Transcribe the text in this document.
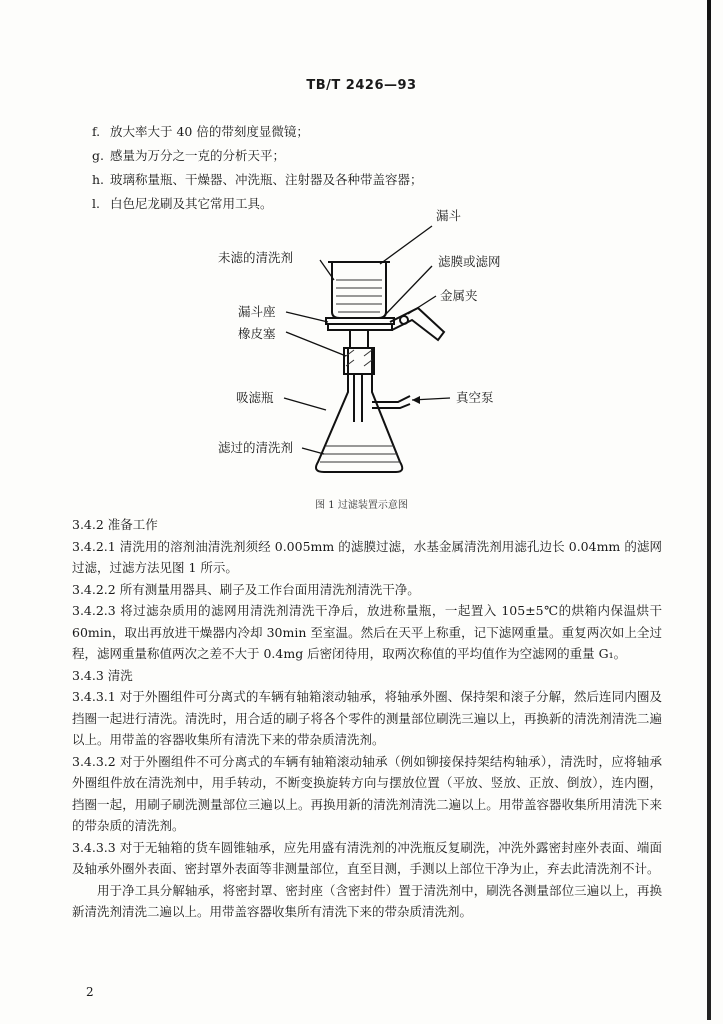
TB/T 2426—93
f. 放大率大于 40 倍的带刻度显微镜；
g. 感量为万分之一克的分析天平；
h. 玻璃称量瓶、干燥器、冲洗瓶、注射器及各种带盖容器；
l. 白色尼龙刷及其它常用工具。
漏斗
未滤的清洗剂	滤膜或滤网
金属夹
漏斗座
橡皮塞
真空泵
吸滤瓶
滤过的清洗剂
图 1 过滤装置示意图

3.4.2 准备工作

3.4.2.1 清洗用的溶剂油清洗剂须经 0.005mm 的滤膜过滤，水基金属清洗剂用滤孔边长 0.04mm 的滤网过滤，过滤方法见图 1 所示。

3.4.2.2 所有测量用器具、刷子及工作台面用清洗剂清洗干净。

3.4.2.3 将过滤杂质用的滤网用清洗剂清洗干净后，放进称量瓶，一起置入 105±5℃的烘箱内保温烘干 60min，取出再放进干燥器内冷却 30min 至室温。然后在天平上称重，记下滤网重量。重复两次如上全过程，滤网重量称值两次之差不大于 0.4mg 后密闭待用，取两次称值的平均值作为空滤网的重量 G₁。

3.4.3 清洗

3.4.3.1 对于外圈组件可分离式的车辆有轴箱滚动轴承，将轴承外圈、保持架和滚子分解，然后连同内圈及挡圈一起进行清洗。清洗时，用合适的刷子将各个零件的测量部位刷洗三遍以上，再换新的清洗剂清洗二遍以上。用带盖的容器收集所有清洗下来的带杂质清洗剂。

3.4.3.2 对于外圈组件不可分离式的车辆有轴箱滚动轴承（例如铆接保持架结构轴承），清洗时，应将轴承外圈组件放在清洗剂中，用手转动，不断变换旋转方向与摆放位置（平放、竖放、正放、倒放），连内圈，挡圈一起，用刷子刷洗测量部位三遍以上。再换用新的清洗剂清洗二遍以上。用带盖容器收集所用清洗下来的带杂质的清洗剂。

3.4.3.3 对于无轴箱的货车圆锥轴承，应先用盛有清洗剂的冲洗瓶反复刷洗，冲洗外露密封座外表面、端面及轴承外圈外表面、密封罩外表面等非测量部位，直至目测，手测以上部位干净为止，弃去此清洗剂不计。

用于净工具分解轴承，将密封罩、密封座（含密封件）置于清洗剂中，刷洗各测量部位三遍以上，再换新清洗剂清洗二遍以上。用带盖容器收集所有清洗下来的带杂质清洗剂。

2
